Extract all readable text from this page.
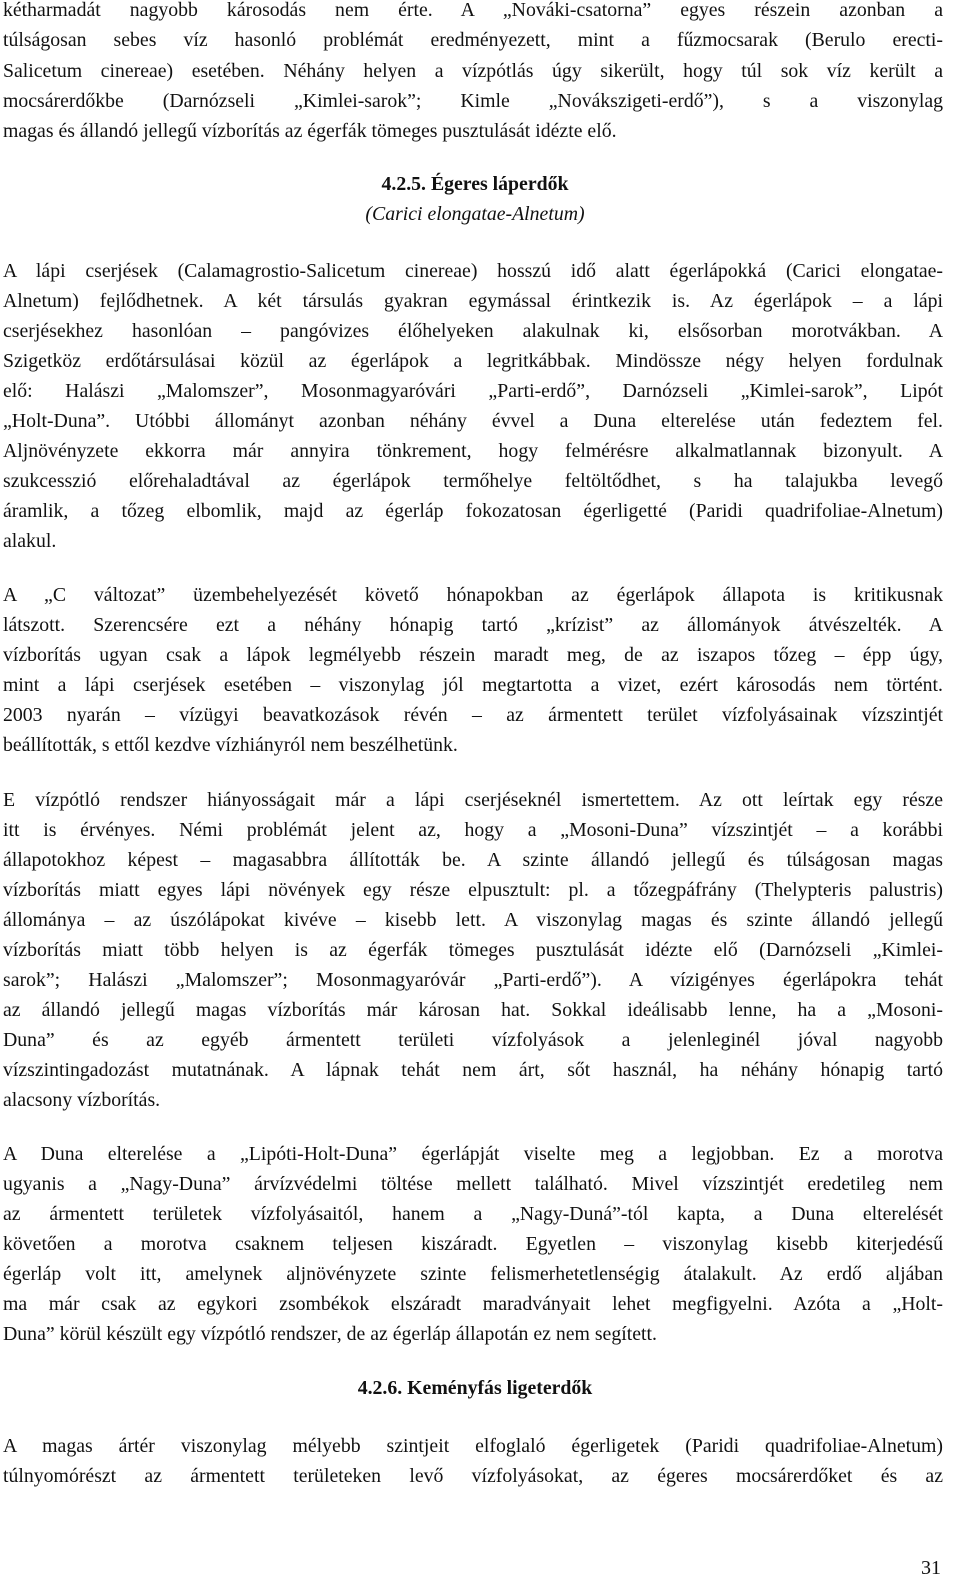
kétharmadát nagyobb károsodás nem érte. A „Nováki-csatorna” egyes részein azonban a
túlságosan sebes víz hasonló problémát eredményezett, mint a fűzmocsarak (Berulo erecti-
Salicetum cinereae) esetében. Néhány helyen a vízpótlás úgy sikerült, hogy túl sok víz került a
mocsárerdőkbe (Darnózseli „Kimlei-sarok”; Kimle „Novákszigeti-erdő”), s a viszonylag
magas és állandó jellegű vízborítás az égerfák tömeges pusztulását idézte elő.
4.2.5. Égeres láperdők
(Carici elongatae-Alnetum)
A lápi cserjések (Calamagrostio-Salicetum cinereae) hosszú idő alatt égerlápokká (Carici elongatae-
Alnetum) fejlődhetnek. A két társulás gyakran egymással érintkezik is. Az égerlápok – a lápi
cserjésekhez hasonlóan – pangóvizes élőhelyeken alakulnak ki, elsősorban morotvákban. A
Szigetköz erdőtársulásai közül az égerlápok a legritkábbak. Mindössze négy helyen fordulnak
elő: Halászi „Malomszer”, Mosonmagyaróvári „Parti-erdő”, Darnózseli „Kimlei-sarok”, Lipót
„Holt-Duna”. Utóbbi állományt azonban néhány évvel a Duna elterelése után fedeztem fel.
Aljnövényzete ekkorra már annyira tönkrement, hogy felmérésre alkalmatlannak bizonyult. A
szukcesszió előrehaladtával az égerlápok termőhelye feltöltődhet, s ha talajukba levegő
áramlik, a tőzeg elbomlik, majd az égerláp fokozatosan égerligetté (Paridi quadrifoliae-Alnetum)
alakul.
A „C változat” üzembehelyezését követő hónapokban az égerlápok állapota is kritikusnak
látszott. Szerencsére ezt a néhány hónapig tartó „krízist” az állományok átvészelték. A
vízborítás ugyan csak a lápok legmélyebb részein maradt meg, de az iszapos tőzeg – épp úgy,
mint a lápi cserjések esetében – viszonylag jól megtartotta a vizet, ezért károsodás nem történt.
2003 nyarán – vízügyi beavatkozások révén – az ármentett terület vízfolyásainak vízszintjét
beállították, s ettől kezdve vízhiányról nem beszélhetünk.
E vízpótló rendszer hiányosságait már a lápi cserjéseknél ismertettem. Az ott leírtak egy része
itt is érvényes. Némi problémát jelent az, hogy a „Mosoni-Duna” vízszintjét – a korábbi
állapotokhoz képest – magasabbra állították be. A szinte állandó jellegű és túlságosan magas
vízborítás miatt egyes lápi növények egy része elpusztult: pl. a tőzegpáfrány (Thelypteris palustris)
állománya – az úszólápokat kivéve – kisebb lett. A viszonylag magas és szinte állandó jellegű
vízborítás miatt több helyen is az égerfák tömeges pusztulását idézte elő (Darnózseli „Kimlei-
sarok”; Halászi „Malomszer”; Mosonmagyaróvár „Parti-erdő”). A vízigényes égerlápokra tehát
az állandó jellegű magas vízborítás már károsan hat. Sokkal ideálisabb lenne, ha a „Mosoni-
Duna” és az egyéb ármentett területi vízfolyások a jelenleginél jóval nagyobb
vízszintingadozást mutatnának. A lápnak tehát nem árt, sőt használ, ha néhány hónapig tartó
alacsony vízborítás.
A Duna elterelése a „Lipóti-Holt-Duna” égerlápját viselte meg a legjobban. Ez a morotva
ugyanis a „Nagy-Duna” árvízvédelmi töltése mellett található. Mivel vízszintjét eredetileg nem
az ármentett területek vízfolyásaitól, hanem a „Nagy-Duná”-tól kapta, a Duna elterelését
követően a morotva csaknem teljesen kiszáradt. Egyetlen – viszonylag kisebb kiterjedésű
égerláp volt itt, amelynek aljnövényzete szinte felismerhetetlenségig átalakult. Az erdő aljában
ma már csak az egykori zsombékok elszáradt maradványait lehet megfigyelni. Azóta a „Holt-
Duna” körül készült egy vízpótló rendszer, de az égerláp állapotán ez nem segített.
4.2.6. Keményfás ligeterdők
A magas ártér viszonylag mélyebb szintjeit elfoglaló égerligetek (Paridi quadrifoliae-Alnetum)
túlnyomórészt az ármentett területeken levő vízfolyásokat, az égeres mocsárerdőket és az
31
